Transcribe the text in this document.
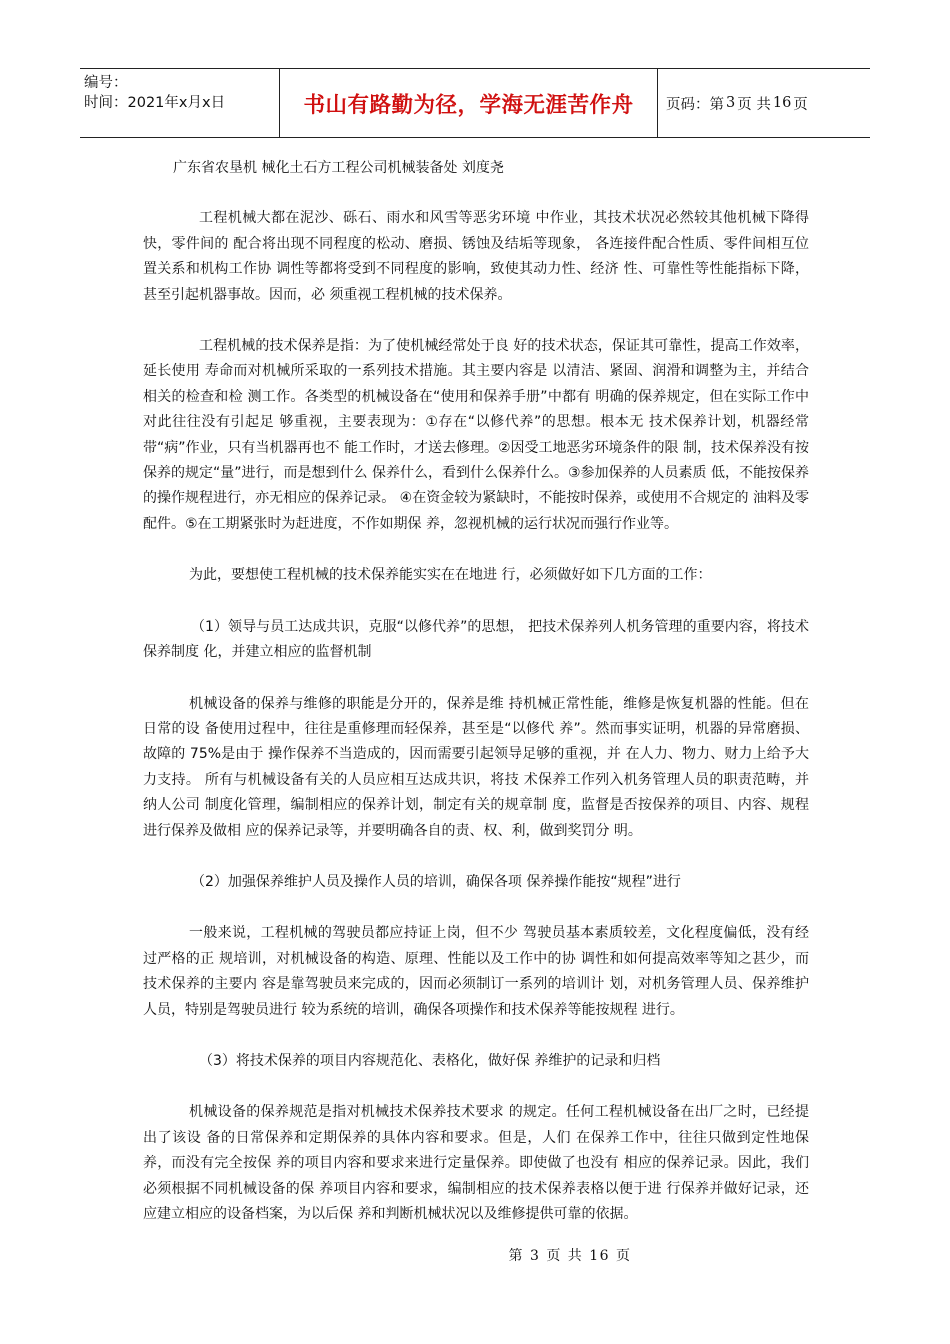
编号：
时间：2021年x月x日	书山有路勤为径，学海无涯苦作舟 页码：第 3 页 共 16 页

广东省农垦机 械化土石方工程公司机械装备处 刘度尧

工程机械大都在泥沙、砾石、雨水和风雪等恶劣环境 中作业，其技术状况必然较其他机械下降得快，零件间的 配合将出现不同程度的松动、磨损、锈蚀及结垢等现象， 各连接件配合性质、零件间相互位置关系和机构工作协 调性等都将受到不同程度的影响，致使其动力性、经济 性、可靠性等性能指标下降，甚至引起机器事故。因而，必 须重视工程机械的技术保养。

工程机械的技术保养是指：为了使机械经常处于良 好的技术状态，保证其可靠性，提高工作效率，延长使用 寿命而对机械所采取的一系列技术措施。其主要内容是 以清洁、紧固、润滑和调整为主，并结合相关的检查和检 测工作。各类型的机械设备在“使用和保养手册”中都有 明确的保养规定，但在实际工作中对此往往没有引起足 够重视，主要表现为：①存在“以修代养”的思想。根本无 技术保养计划，机器经常带“病”作业，只有当机器再也不 能工作时，才送去修理。②因受工地恶劣环境条件的限 制，技术保养没有按保养的规定“量”进行，而是想到什么 保养什么，看到什么保养什么。③参加保养的人员素质 低，不能按保养的操作规程进行，亦无相应的保养记录。 ④在资金较为紧缺时，不能按时保养，或使用不合规定的 油料及零配件。⑤在工期紧张时为赶进度，不作如期保 养，忽视机械的运行状况而强行作业等。

为此，要想使工程机械的技术保养能实实在在地进 行，必须做好如下几方面的工作：

（1）领导与员工达成共识，克服“以修代养”的思想， 把技术保养列人机务管理的重要内容，将技术保养制度 化，并建立相应的监督机制

机械设备的保养与维修的职能是分开的，保养是维 持机械正常性能，维修是恢复机器的性能。但在日常的设 备使用过程中，往往是重修理而轻保养，甚至是“以修代 养”。然而事实证明，机器的异常磨损、故障的 75%是由于 操作保养不当造成的，因而需要引起领导足够的重视，并 在人力、物力、财力上给予大力支持。 所有与机械设备有关的人员应相互达成共识，将技 术保养工作列入机务管理人员的职责范畴，并纳人公司 制度化管理，编制相应的保养计划，制定有关的规章制 度，监督是否按保养的项目、内容、规程进行保养及做相 应的保养记录等，并要明确各自的责、权、利，做到奖罚分 明。

（2）加强保养维护人员及操作人员的培训，确保各项 保养操作能按“规程”进行

一般来说，工程机械的驾驶员都应持证上岗，但不少 驾驶员基本素质较差，文化程度偏低，没有经过严格的正 规培训，对机械设备的构造、原理、性能以及工作中的协 调性和如何提高效率等知之甚少，而技术保养的主要内 容是靠驾驶员来完成的，因而必须制订一系列的培训计 划，对机务管理人员、保养维护人员，特别是驾驶员进行 较为系统的培训，确保各项操作和技术保养等能按规程 进行。

（3）将技术保养的项目内容规范化、表格化，做好保 养维护的记录和归档

机械设备的保养规范是指对机械技术保养技术要求 的规定。任何工程机械设备在出厂之时，已经提出了该设 备的日常保养和定期保养的具体内容和要求。但是，人们 在保养工作中，往往只做到定性地保养，而没有完全按保 养的项目内容和要求来进行定量保养。即使做了也没有 相应的保养记录。因此，我们必须根据不同机械设备的保 养项目内容和要求，编制相应的技术保养表格以便于进 行保养并做好记录，还应建立相应的设备档案，为以后保 养和判断机械状况以及维修提供可靠的依据。

第 3 页 共 16 页
